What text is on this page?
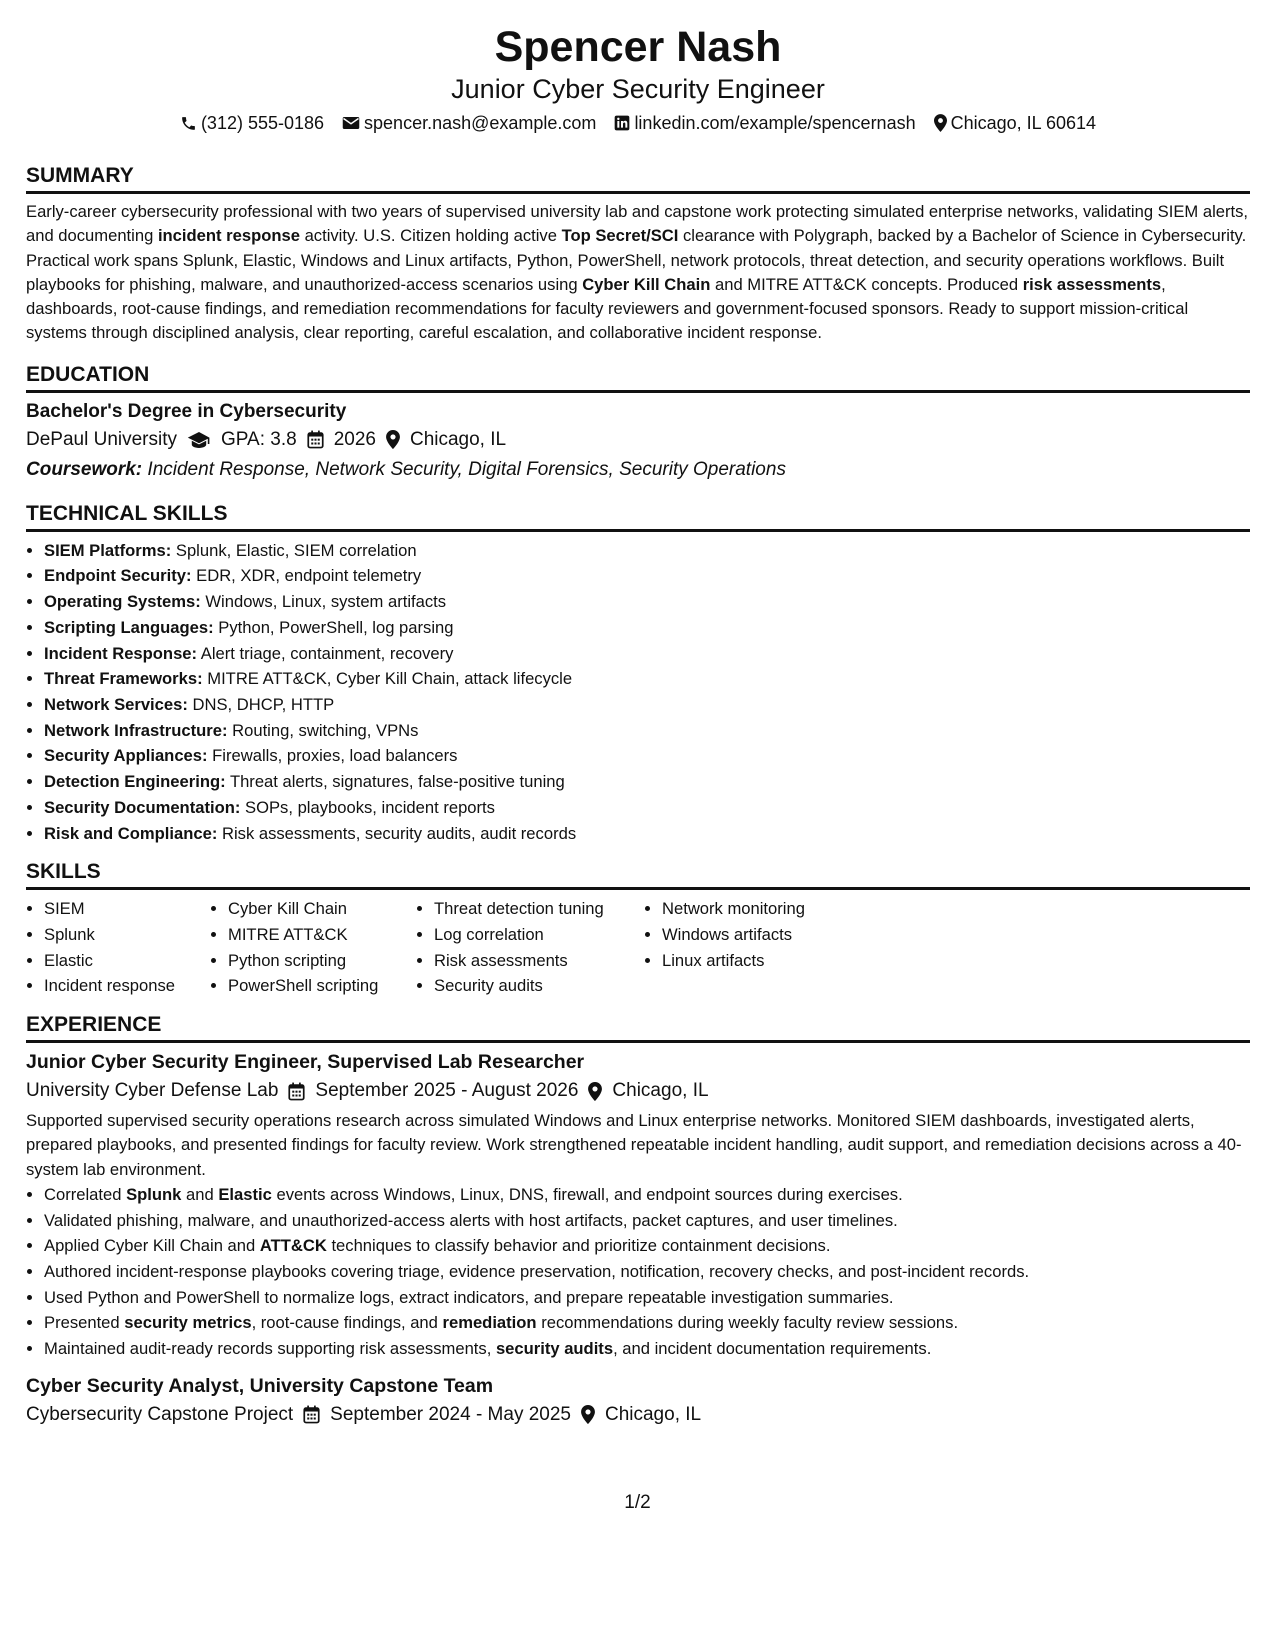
Spencer Nash
Junior Cyber Security Engineer
(312) 555-0186 spencer.nash@example.com linkedin.com/example/spencernash Chicago, IL 60614
SUMMARY

Early-career cybersecurity professional with two years of supervised university lab and capstone work protecting simulated enterprise networks, validating SIEM alerts, and documenting incident response activity. U.S. Citizen holding active Top Secret/SCI clearance with Polygraph, backed by a Bachelor of Science in Cybersecurity. Practical work spans Splunk, Elastic, Windows and Linux artifacts, Python, PowerShell, network protocols, threat detection, and security operations workflows. Built playbooks for phishing, malware, and unauthorized-access scenarios using Cyber Kill Chain and MITRE ATT&CK concepts. Produced risk assessments, dashboards, root-cause findings, and remediation recommendations for faculty reviewers and government-focused sponsors. Ready to support mission-critical systems through disciplined analysis, clear reporting, careful escalation, and collaborative incident response.

EDUCATION
Bachelor's Degree in Cybersecurity
DePaul University GPA: 3.8 2026 Chicago, IL
Coursework: Incident Response, Network Security, Digital Forensics, Security Operations
TECHNICAL SKILLS
• SIEM Platforms: Splunk, Elastic, SIEM correlation
• Endpoint Security: EDR, XDR, endpoint telemetry
• Operating Systems: Windows, Linux, system artifacts
• Scripting Languages: Python, PowerShell, log parsing
• Incident Response: Alert triage, containment, recovery
• Threat Frameworks: MITRE ATT&CK, Cyber Kill Chain, attack lifecycle
• Network Services: DNS, DHCP, HTTP
• Network Infrastructure: Routing, switching, VPNs
• Security Appliances: Firewalls, proxies, load balancers
• Detection Engineering: Threat alerts, signatures, false-positive tuning
• Security Documentation: SOPs, playbooks, incident reports
• Risk and Compliance: Risk assessments, security audits, audit records
SKILLS
• SIEM
• Splunk
• Elastic
• Incident response
• Cyber Kill Chain
• MITRE ATT&CK
• Python scripting
• PowerShell scripting
• Threat detection tuning
• Log correlation
• Risk assessments
• Security audits
• Network monitoring
• Windows artifacts
• Linux artifacts
EXPERIENCE
Junior Cyber Security Engineer, Supervised Lab Researcher
University Cyber Defense Lab September 2025 - August 2026 Chicago, IL

Supported supervised security operations research across simulated Windows and Linux enterprise networks. Monitored SIEM dashboards, investigated alerts, prepared playbooks, and presented findings for faculty review. Work strengthened repeatable incident handling, audit support, and remediation decisions across a 40-system lab environment.

• Correlated Splunk and Elastic events across Windows, Linux, DNS, firewall, and endpoint sources during exercises.
• Validated phishing, malware, and unauthorized-access alerts with host artifacts, packet captures, and user timelines.
• Applied Cyber Kill Chain and ATT&CK techniques to classify behavior and prioritize containment decisions.
• Authored incident-response playbooks covering triage, evidence preservation, notification, recovery checks, and post-incident records.
• Used Python and PowerShell to normalize logs, extract indicators, and prepare repeatable investigation summaries.
• Presented security metrics, root-cause findings, and remediation recommendations during weekly faculty review sessions.
• Maintained audit-ready records supporting risk assessments, security audits, and incident documentation requirements.
Cyber Security Analyst, University Capstone Team
Cybersecurity Capstone Project September 2024 - May 2025 Chicago, IL
1/2
